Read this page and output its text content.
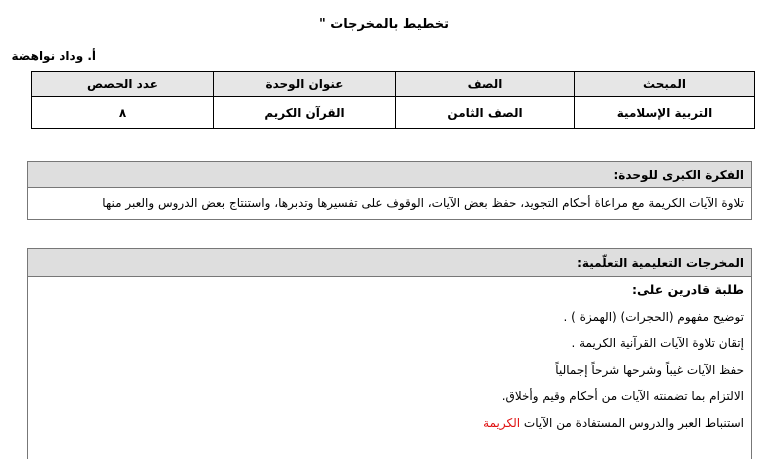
تخطيط بالمخرجات "
أ. وداد نواهضة
المبحث	الصف	عنوان الوحدة	عدد الحصص
التربية الإسلامية	الصف الثامن	القرآن الكريم	٨
الفكرة الكبرى للوحدة:
تلاوة الآيات الكريمة مع مراعاة أحكام التجويد، حفظ بعض الآيات، الوقوف على تفسيرها وتدبرها، واستنتاج بعض الدروس والعبر منها
المخرجات التعليمية التعلّمية:
طلبة قادرين على:
توضيح مفهوم (الحجرات) (الهمزة ) .
إتقان تلاوة الآيات القرآنية الكريمة .
حفظ الآيات غيباً وشرحها شرحاً إجمالياً
الالتزام بما تضمنته الآيات من أحكام وقيم وأخلاق.
استنباط العبر والدروس المستفادة من الآيات الكريمة
